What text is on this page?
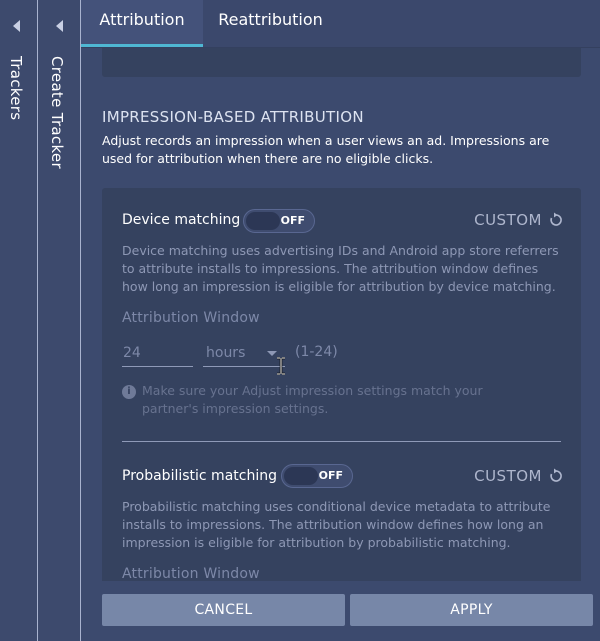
Trackers Create Tracker
Attribution	Reattribution
IMPRESSION-BASED ATTRIBUTION
Adjust records an impression when a user views an ad. Impressions are used for attribution when there are no eligible clicks.
Device matching	OFF	CUSTOM
Device matching uses advertising IDs and Android app store referrers to attribute installs to impressions. The attribution window defines how long an impression is eligible for attribution by device matching.
Attribution Window
24	hours	(1-24)
i Make sure your Adjust impression settings match your partner's impression settings.
Probabilistic matching	OFF	CUSTOM
Probabilistic matching uses conditional device metadata to attribute installs to impressions. The attribution window defines how long an impression is eligible for attribution by probabilistic matching.
Attribution Window
CANCEL	APPLY
